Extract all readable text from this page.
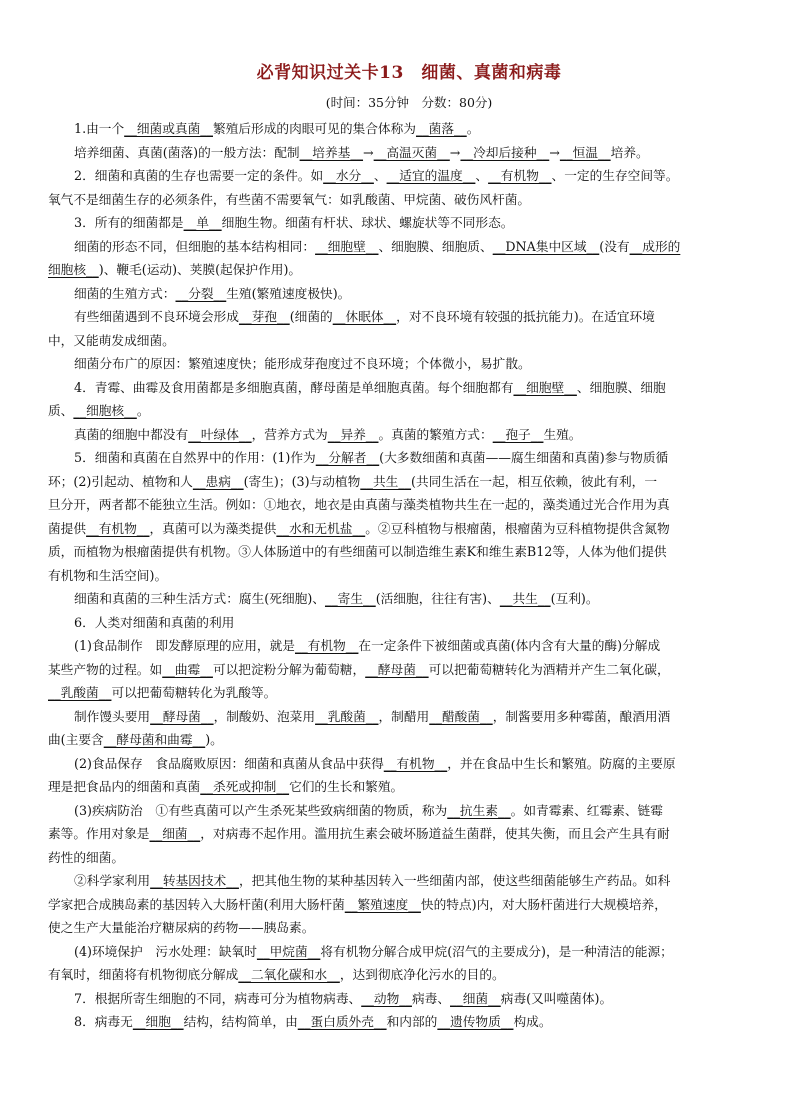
必背知识过关卡13　细菌、真菌和病毒
(时间：35分钟　分数：80分)

1.由一个__细菌或真菌__繁殖后形成的肉眼可见的集合体称为__菌落__。

培养细菌、真菌(菌落)的一般方法：配制__培养基__→__高温灭菌__→__冷却后接种__→__恒温__培养。

2．细菌和真菌的生存也需要一定的条件。如__水分__、__适宜的温度__、__有机物__、一定的生存空间等。

氧气不是细菌生存的必须条件，有些菌不需要氧气：如乳酸菌、甲烷菌、破伤风杆菌。

3．所有的细菌都是__单__细胞生物。细菌有杆状、球状、螺旋状等不同形态。

细菌的形态不同，但细胞的基本结构相同：__细胞壁__、细胞膜、细胞质、__DNA集中区域__(没有__成形的

细胞核__)、鞭毛(运动)、荚膜(起保护作用)。

细菌的生殖方式：__分裂__生殖(繁殖速度极快)。

有些细菌遇到不良环境会形成__芽孢__(细菌的__休眠体__，对不良环境有较强的抵抗能力)。在适宜环境

中，又能萌发成细菌。

细菌分布广的原因：繁殖速度快；能形成芽孢度过不良环境；个体微小，易扩散。

4．青霉、曲霉及食用菌都是多细胞真菌，酵母菌是单细胞真菌。每个细胞都有__细胞壁__、细胞膜、细胞

质、__细胞核__。

真菌的细胞中都没有__叶绿体__，营养方式为__异养__。真菌的繁殖方式：__孢子__生殖。

5．细菌和真菌在自然界中的作用：(1)作为__分解者__(大多数细菌和真菌——腐生细菌和真菌)参与物质循

环；(2)引起动、植物和人__患病__(寄生)；(3)与动植物__共生__(共同生活在一起，相互依赖，彼此有利，一

旦分开，两者都不能独立生活。例如：①地衣，地衣是由真菌与藻类植物共生在一起的，藻类通过光合作用为真

菌提供__有机物__，真菌可以为藻类提供__水和无机盐__。②豆科植物与根瘤菌，根瘤菌为豆科植物提供含氮物

质，而植物为根瘤菌提供有机物。③人体肠道中的有些细菌可以制造维生素K和维生素B12等，人体为他们提供

有机物和生活空间)。

细菌和真菌的三种生活方式：腐生(死细胞)、__寄生__(活细胞，往往有害)、__共生__(互利)。

6．人类对细菌和真菌的利用

(1)食品制作　即发酵原理的应用，就是__有机物__在一定条件下被细菌或真菌(体内含有大量的酶)分解成

某些产物的过程。如__曲霉__可以把淀粉分解为葡萄糖，__酵母菌__可以把葡萄糖转化为酒精并产生二氧化碳，

__乳酸菌__可以把葡萄糖转化为乳酸等。

制作馒头要用__酵母菌__，制酸奶、泡菜用__乳酸菌__，制醋用__醋酸菌__，制酱要用多种霉菌，酿酒用酒

曲(主要含__酵母菌和曲霉__)。

(2)食品保存　食品腐败原因：细菌和真菌从食品中获得__有机物__，并在食品中生长和繁殖。防腐的主要原

理是把食品内的细菌和真菌__杀死或抑制__它们的生长和繁殖。

(3)疾病防治　①有些真菌可以产生杀死某些致病细菌的物质，称为__抗生素__。如青霉素、红霉素、链霉

素等。作用对象是__细菌__，对病毒不起作用。滥用抗生素会破坏肠道益生菌群，使其失衡，而且会产生具有耐

药性的细菌。

②科学家利用__转基因技术__，把其他生物的某种基因转入一些细菌内部，使这些细菌能够生产药品。如科

学家把合成胰岛素的基因转入大肠杆菌(利用大肠杆菌__繁殖速度__快的特点)内，对大肠杆菌进行大规模培养，

使之生产大量能治疗糖尿病的药物——胰岛素。

(4)环境保护　污水处理：缺氧时__甲烷菌__将有机物分解合成甲烷(沼气的主要成分)，是一种清洁的能源；

有氧时，细菌将有机物彻底分解成__二氧化碳和水__，达到彻底净化污水的目的。

7．根据所寄生细胞的不同，病毒可分为植物病毒、__动物__病毒、__细菌__病毒(又叫噬菌体)。

8．病毒无__细胞__结构，结构简单，由__蛋白质外壳__和内部的__遗传物质__构成。
